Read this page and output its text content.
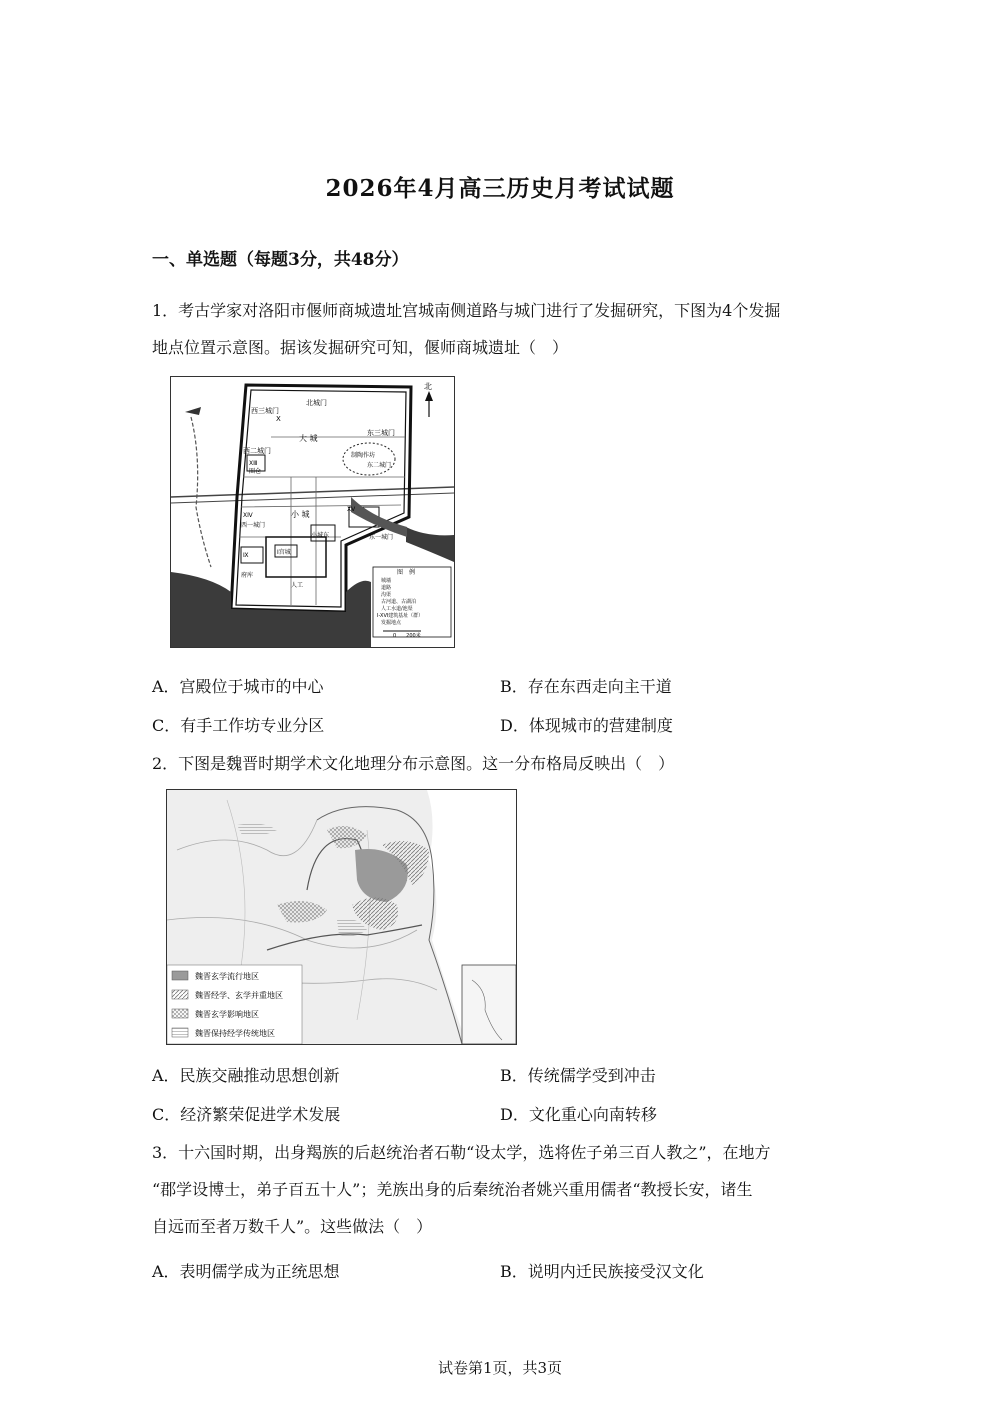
2026年4月高三历史月考试试题
一、单选题（每题3分，共48分）
1．考古学家对洛阳市偃师商城遗址宫城南侧道路与城门进行了发掘研究，下图为4个发掘
地点位置示意图。据该发掘研究可知，偃师商城遗址（　）
北
北城门
西三城门
Ⅹ
东三城门
大 城
制陶作坊
东二城门
西二城门
XⅢ
圈仓
小 城
XV
XⅣ
西一城门
东一城门
Ⅰ宫城
Ⅸ
府库
小城东
人工
图　例
城墙
道路
沟渠
古河道、古湖泊
人工水道/池渠
Ⅰ-XⅥ建筑基址（群）
发掘地点
0　　200米
A．宫殿位于城市的中心	B．存在东西走向主干道
C．有手工作坊专业分区	D．体现城市的营建制度
2．下图是魏晋时期学术文化地理分布示意图。这一分布格局反映出（　）
魏晋玄学流行地区
魏晋经学、玄学并重地区
魏晋玄学影响地区
魏晋保持经学传统地区
A．民族交融推动思想创新	B．传统儒学受到冲击
C．经济繁荣促进学术发展	D．文化重心向南转移
3．十六国时期，出身羯族的后赵统治者石勒“设太学，选将佐子弟三百人教之”，在地方
“郡学设博士，弟子百五十人”；羌族出身的后秦统治者姚兴重用儒者“教授长安，诸生
自远而至者万数千人”。这些做法（　）
A．表明儒学成为正统思想	B．说明内迁民族接受汉文化
试卷第1页，共3页
